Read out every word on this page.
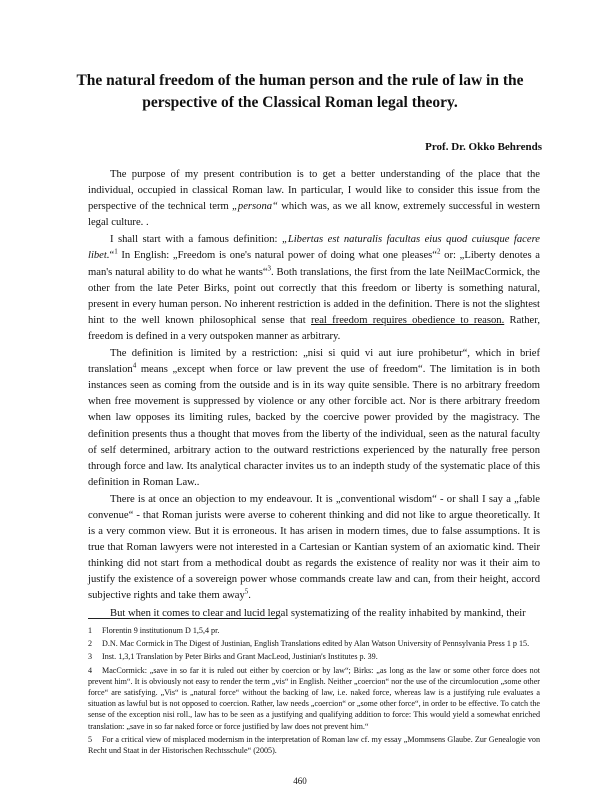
The natural freedom of the human person and the rule of law in the
perspective of the Classical Roman legal theory.
Prof. Dr. Okko Behrends

The purpose of my present contribution is to get a better understanding of the place that the individual, occupied in classical Roman law. In particular, I would like to consider this issue from the perspective of the technical term „persona“ which was, as we all know, extremely successful in western legal culture. .

I shall start with a famous definition: „Libertas est naturalis facultas eius quod cuiusque facere libet.“$^1$ In English: „Freedom is one's natural power of doing what one pleases“$^2$ or: „Liberty denotes a man's natural ability to do what he wants“$^3$. Both translations, the first from the late NeilMacCormick, the other from the late Peter Birks, point out correctly that this freedom or liberty is something natural, present in every human person. No inherent restriction is added in the definition. There is not the slightest hint to the well known philosophical sense that real freedom requires obedience to reason. Rather, freedom is defined in a very outspoken manner as arbitrary.

The definition is limited by a restriction: „nisi si quid vi aut iure prohibetur“, which in brief translation$^4$ means „except when force or law prevent the use of freedom“. The limitation is in both instances seen as coming from the outside and is in its way quite sensible. There is no arbitrary freedom when free movement is suppressed by violence or any other forcible act. Nor is there arbitrary freedom when law opposes its limiting rules, backed by the coercive power provided by the magistracy. The definition presents thus a thought that moves from the liberty of the individual, seen as the natural faculty of self determined, arbitrary action to the outward restrictions experienced by the naturally free person through force and law. Its analytical character invites us to an indepth study of the systematic place of this definition in Roman Law..

There is at once an objection to my endeavour. It is „conventional wisdom“ - or shall I say a „fable convenue“ - that Roman jurists were averse to coherent thinking and did not like to argue theoretically. It is a very common view. But it is erroneous. It has arisen in modern times, due to false assumptions. It is true that Roman lawyers were not interested in a Cartesian or Kantian system of an axiomatic kind. Their thinking did not start from a methodical doubt as regards the existence of reality nor was it their aim to justify the existence of a sovereign power whose commands create law and can, from their height, accord subjective rights and take them away$^5$.

But when it comes to clear and lucid legal systematizing of the reality inhabited by mankind, their

1 Florentin 9 institutionum D 1,5,4 pr.
2 D.N. Mac Cormick in The Digest of Justinian, English Translations edited by Alan Watson University of Pennsylvania Press 1 p 15.
3 Inst. 1,3,1 Translation by Peter Birks and Grant MacLeod, Justinian's Institutes p. 39.
4 MacCormick: „save in so far it is ruled out either by coercion or by law“; Birks: „as long as the law or some other force does not prevent him“. It is obviously not easy to render the term „vis“ in English. Neither „coercion“ nor the use of the circumlocution „some other force“ are satisfying. „Vis“ is „natural force“ without the backing of law, i.e. naked force, whereas law is a justifying rule evaluates a situation as lawful but is not opposed to coercion. Rather, law needs „coercion“ or „some other force“, in order to be effective. To catch the sense of the exception nisi roll., law has to be seen as a justifying and qualifying addition to force: This would yield a somewhat enriched translation: „save in so far naked force or force justified by law does not prevent him.“
5 For a critical view of misplaced modernism in the interpretation of Roman law cf. my essay „Mommsens Glaube. Zur Genealogie von Recht und Staat in der Historischen Rechtsschule“ (2005).
460
